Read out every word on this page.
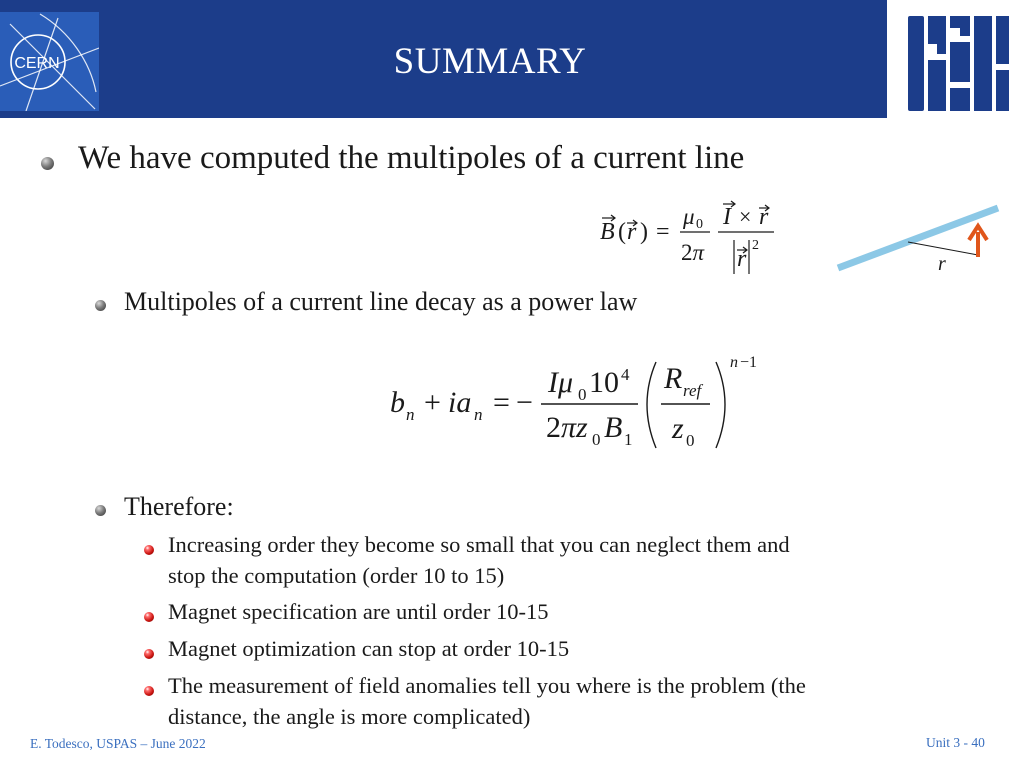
CERN	SUMMARY
USPAS
We have computed the multipoles of a current line
B ( r ) =
μ 0
2π
I × r
r
2
r
Multipoles of a current line decay as a power law
b n + ia n = −
Iμ 0 10 4
2πz 0 B 1
R ref
z 0
n −1
Therefore:
Increasing order they become so small that you can neglect them and
stop the computation (order 10 to 15)
Magnet specification are until order 10-15
Magnet optimization can stop at order 10-15
The measurement of field anomalies tell you where is the problem (the
distance, the angle is more complicated)
E. Todesco, USPAS – June 2022	Unit 3 - 40
